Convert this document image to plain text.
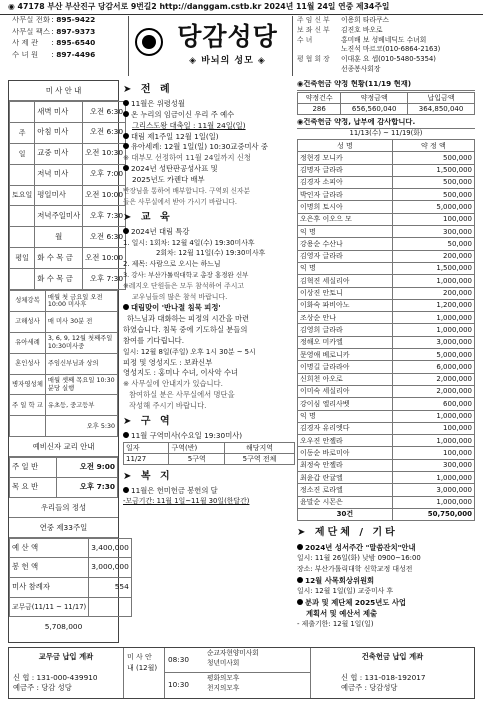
◉ 47178 부산 부산진구 당감서로 9번길2 http://danggam.cstb.kr 2024년 11월 24일 연중 제34주일
사무실 전화 : 895-9422
사무실 팩스 : 897-9373
사 제 관 : 895-6540
수 녀 원 : 897-4496
당감성당
◈ 바뇌의 성모 ◈
주 임 신 부 이용희 타라쿠스
보 좌 신 부 김진호 바오로
수 녀	홍미배 보 성베네딕도 수녀회
노진석 마르코(010-6864-2163)
평 협 회 장 이대훈 요 셉(010-5480-5354)
선종봉사회장
미 사 안 내
	새벽 미사	오전 6:30
주	아침 미사	오전 6:30
일	교중 미사	오전 10:30
	저녁 미사	오후 7:00
토요일	평일미사	오전 10:00
	저녁주일미사	오후 7:30
	월	오전 6:30
평일	화 수 목 금	오전 10:00
	화 수 목 금	오후 7:30
성체강복	매월 첫 금요일 오전 10:00 미사후
고해성사	매 미사 30분 전
유아세례	3, 6, 9, 12월 첫째주일 10:30미사중
혼인성사	주임신부님과 상의
병자영성체	매월 셋째 목요일 10:30 분당 실행
주 일 학 교	유초등, 중고등부
	오후 5:30
예비신자 교리 안내
주 일 반	오전 9:00
목 요 반	오후 7:30
우리들의 정성
연중 제33주일
예 산 액	3,400,000
봉 헌 액	3,000,000
미사 참례자	554
교무금(11/11 ~ 11/17)	
5,708,000
➤ 전 례
11월은 위령성월
온 누리의 임금이신 우리 주 예수
그리스도왕 대축일 : 11월 24일(일)
대림 제1주일 12월 1일(일)
유아세례: 12월 1일(일) 10:30교중미사 중
※ 대부모 선정하여 11월 24일까지 신청
2024년 성탄판공성사표 및
2025년도 카렌다 배부
반장님을 통하여 배부합니다. 구역외 신자분
들은 사무실에서 받아 가시기 바랍니다.
➤ 교 육
2024년 대림 특강
1. 일시: 1회차: 12월 4일(수) 19:30미사후
2회차: 12월 11일(수) 19:30미사후
2. 제목: 사람으로 오시는 하느님
3. 강사: 부산가톨릭대학교 총장 홍경완 신부
※레지오 단원들은 모두 참석하여 주시고
교우님들의 많은 참석 바랍니다.
대림맞이 '반나절 침묵 피정'
하느님과 대화하는 피정의 시간을 마련
하였습니다. 침묵 중에 기도하실 분들의
참여를 기다립니다.
일시: 12월 8일(주일) 오후 1시 30분 ~ 5시
피정 및 영성지도 : 보좌신부
영성지도 : 홍미나 수녀, 이사악 수녀
※ 사무실에 안내지가 있습니다.
참여하실 분은 사무실에서 명단을
작성해 주시기 바랍니다.
➤ 구 역
11월 구역미사(수요일 19:30미사)
일자	구역(반)	해당지역
11/27	5구역	5구역 전체
➤ 복 지
11월은 헌미헌금 봉헌의 달
-모금기간: 11월 1일~11월 30일(한달간)
◉건축헌금 약정 현황(11/19 현재)
약정건수	약정금액	납입금액
286	656,560,040	364,850,040
◉건축헌금 약정, 납부에 감사합니다.
11/13(수) ~ 11/19(화)
성 명	약 정 액
정현경 모니카	500,000
김명자 글라라	1,500,000
김경자 소피아	500,000
박인자 글라라	500,000
이명희 토시아	5,000,000
오은후 이오으 모	100,000
익 명	300,000
강용순 수산나	50,000
김영자 글라라	200,000
익 명	1,500,000
김혁진 세실리아	1,000,000
이상진 안토니	200,000
이화숙 파비아노	1,200,000
조상순 안나	1,000,000
김영희 글라라	1,000,000
정해오 미카엘	3,000,000
문영애 베로니카	5,000,000
이명길 글라라아	6,000,000
신희천 아오로	2,000,000
이미숙 세실리아	2,000,000
강이심 엘리사벳	600,000
익 명	1,000,000
김경자 유리엣다	100,000
오우진 안젤라	1,000,000
이동순 바로미아	100,000
최정숙 안젤라	300,000
최윤갑 란귤엘	1,000,000
정소진 로라엘	3,000,000
윤말순 시몬은	1,000,000
30건	50,750,000
➤ 제단체 / 기타
2024년 성서주간 "말씀잔치"안내
일시: 11월 26일(화) 낮밤 0900~16:00
장소: 부산가톨릭대학 신학교정 대성전
12월 사목회상위원회
일시: 12월 1일(일) 교중미사 후
분과 및 제단체 2025년도 사업
계획서 및 예산서 제출
- 제출기한: 12월 1일(일)
교무금 납입 계좌
신 협 : 131-000-439910
예금주 : 당감 성당
미 사 안 내 (12월)
08:30
순교자현양미사회
청년미사회
10:30
평화의모후
천지의모후
건축헌금 납입 계좌
신 협 : 131-018-192017
예금주 : 당감성당
